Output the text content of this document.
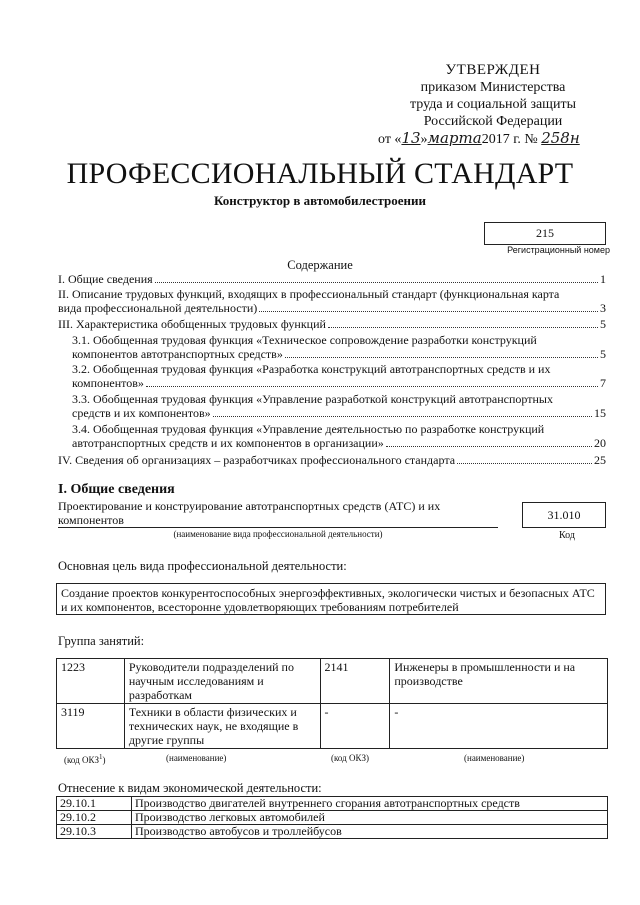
УТВЕРЖДЕН
приказом Министерства
труда и социальной защиты
Российской Федерации
от «13»марта2017 г. № 258н
ПРОФЕССИОНАЛЬНЫЙ СТАНДАРТ
Конструктор в автомобилестроении
215
Регистрационный номер
Содержание
I. Общие сведения	1
II. Описание трудовых функций, входящих в профессиональный стандарт (функциональная карта
вида профессиональной деятельности)	3
III. Характеристика обобщенных трудовых функций	5
3.1. Обобщенная трудовая функция «Техническое сопровождение разработки конструкций
компонентов автотранспортных средств»	5
3.2. Обобщенная трудовая функция «Разработка конструкций автотранспортных средств и их
компонентов»	7
3.3. Обобщенная трудовая функция «Управление разработкой конструкций автотранспортных
средств и их компонентов»	15
3.4. Обобщенная трудовая функция «Управление деятельностью по разработке конструкций
автотранспортных средств и их компонентов в организации»	20
IV. Сведения об организациях – разработчиках профессионального стандарта	25
I. Общие сведения
Проектирование и конструирование автотранспортных средств (АТС) и их компонентов
(наименование вида профессиональной деятельности)
31.010
Код
Основная цель вида профессиональной деятельности:
Создание проектов конкурентоспособных энергоэффективных, экологически чистых и безопасных АТС и их компонентов, всесторонне удовлетворяющих требованиям потребителей
Группа занятий:
1223	Руководители подразделений по научным исследованиям и разработкам	2141	Инженеры в промышленности и на производстве
3119	Техники в области физических и технических наук, не входящие в другие группы	-	-
(код ОКЗ$^1$)	(наименование)	(код ОКЗ)	(наименование)
Отнесение к видам экономической деятельности:
29.10.1	Производство двигателей внутреннего сгорания автотранспортных средств
29.10.2	Производство легковых автомобилей
29.10.3	Производство автобусов и троллейбусов
